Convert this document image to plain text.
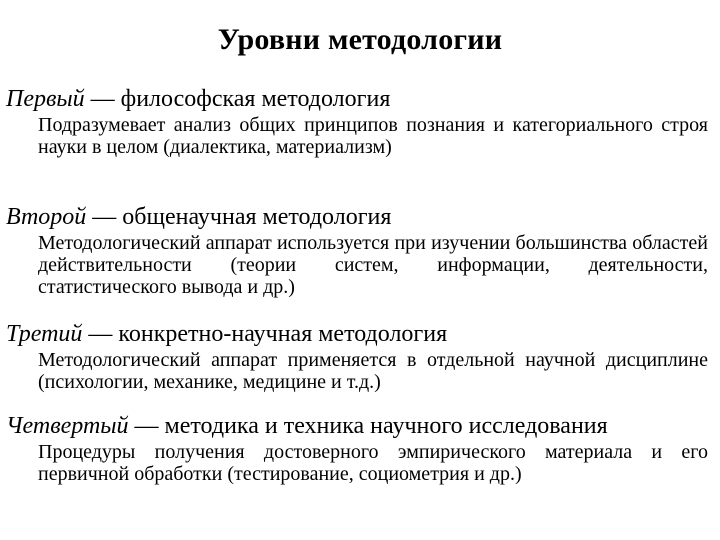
Уровни методологии
Первый — философская методология
Подразумевает анализ общих принципов познания и категориального строя науки в целом (диалектика, материализм)
Второй — общенаучная методология
Методологический аппарат используется при изучении большинства областей действительности (теории систем, информации, деятельности, статистического вывода и др.)
Третий — конкретно-научная методология
Методологический аппарат применяется в отдельной научной дисциплине (психологии, механике, медицине и т.д.)
Четвертый — методика и техника научного исследования
Процедуры получения достоверного эмпирического материала и его первичной обработки (тестирование, социометрия и др.)
